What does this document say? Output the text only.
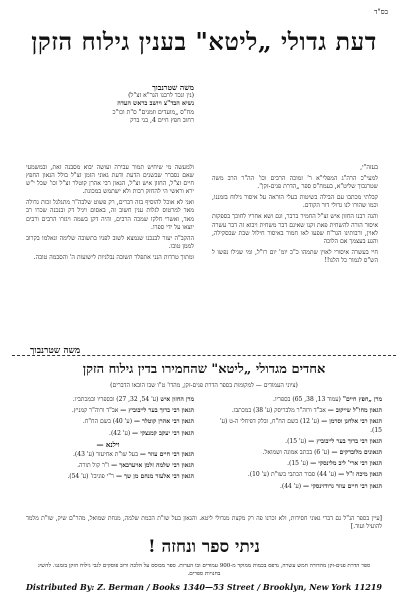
בס"ד
דעת גדולי „ליטא" בענין גילוח הזקן
משה שטרנבוך
(נין ונכד לרבנו הגר"א זצ"ל)
נשיא הבד"צ ויושב בראש העדה
מח"ס „מועדים וזמנים" ס"ת וכו"כ
רחוב חפץ חיים 4, בני ברק

בעזה"י,

למעי"כ הרה"ג המפלי"א ר' זמוכה הרבים וכו' הה"ר הרב משה שטרנבוך שליט"א, בעמח"ס ספר „הדרת פנים-זקן".

קבלתי מכתבו עם הבילה בשיטות בעלי הוראה על איסור גילוח בזמננו, וכמו שהורו לנו גדולי דור הקודם.

והנה רבנו החזון איש זצ"ל החמיר ברבר, וגם ושא אחריו לחוכך בספקות איסור הורה להשחית פאת זקנו שאינם דבר משחית ויבוא זה דבר עשרה לאוין, ורבותינו הגר"ח שפעו לאו חמור באיסור חילול שבת שבסקילה, והגע בעצמך אם הלוכה

חיי בעשרה איסורי לאוין שתמהו כ"כ יומ' יום רו"ל, ומי שגילו נפשו ל הש"ס לנמור כל הלנו!!

ולמעשה מי שיחיש תמור עבירה ועושה יבוא מסבנה זאת, ובמשמעי שאם נסברר שבשנים הדעת ודעת גאוני הזמן זצ"ל בולל הגאון החפץ חיים זצ"ל, החזון איש זצ"ל, הגאון רבי אהרן קוטלר זצ"ל וכו' שכל י"ש ירא וראשי הי להחזק רבות ולא ישתמש במכונת.

ואני לא אוכל להוסיף בזה דברים, רק פשוט שלבה"ר מתגלגל זכות גדולה מאד למרטוס לגלות ענין חשוב זה, באסום ויגיל דק ובנכנה שכרו רב מאד, ואשרי חלקו שמכה הרבים, והיה דקן בשמה ויגזרו הרבים ורבים יוצאו על ידי ספרו.

ההקב"ה יעזר לבנכנו שנמצא לשוב לפניו בתשובה שלימה ונאלמו בקרוב לממן טובו.

ומתוך טרדות הנני אתפלר תשובה נבלניות לישועות ה' והסכמה טובה.

משה שטרנבוך
אחדים מגדולי „ליטא" שהחמירו בדין גילוח הזקן
(ציוני העמודים — למקומות בספר הדרת פנים-זקן, מהדו' ט"ו שבו הובאו הדברים)
מרן „חפץ חיים" (עמוד 13, 38, 65) בספריו.
הגאון מחו"ל שייקוב — אב"ד ורוה"ר מלבריסק (ע' 38) במכתבו.
הגאון רבי אלחנן וסרמן — (ע' 12) בשם הח"ח, ובלק דפיחלי ה-ט (ע' 15).
הגאון רבי ברוך בער לייבוביץ — (ע' 15).
הגאונים מלוברקים — (ע' 6) בכתב אמונה ושמואל.
הגאון רבי ארי' ליב מלינסקי — (ע' 15).
הגאון מיכה ז"ל — (ע' 44) סבור הכתבי בשו"ת (ע' 10).
הגאון רבי חיים עוזר גרודזינסקי — (ע' 44).
מרן החזון איש (ע' 54, 32, 27) ובספריו ובמכתביו.
הגאון רבי ברוך בער לייבוביץ — אב"ד ורוה"ר קמניץ.
הגאון רבי אהרן קוטלר — (ע' 40) בשם הח"ח.
הגאון רבי יעקב קמנצקי — (ע' 42).
וילנא —
הגאון רבי חיים עוזר — בעל שו"ת אחיעזר (ע' 43).
הגאון רבי שלמה זלמן אויערבאך — ו"ר קול תורה.
הגאון רבי אלעזר מנחם מן שך — ר"י פוניבז' (ע' 54).
[עיין בספר הנ"ל גם דברי גאוני חסידות, ולא זכרנו פה רק מקצת מגדולי ליטא. והגאון בעל שו"ת הכמת שלמה, מנחת שמואל, מהר"ם שיק, שו"ת מלמד להועיל ועוד.]
ניתי ספר ונחזה !
ספר הדרת פנים-זקן מהדורה חמש עשרה, נדפס בכמות ממוקד מ-900 עמודים ובו הערות. ספר מבוסס על הלכה ורוב פוסקים לגבי גילוח הזקן בזמננו. להשיג בחנויות ספרים.
Distributed By: Z. Berman / Books 1340—53 Street / Brooklyn, New York 11219
